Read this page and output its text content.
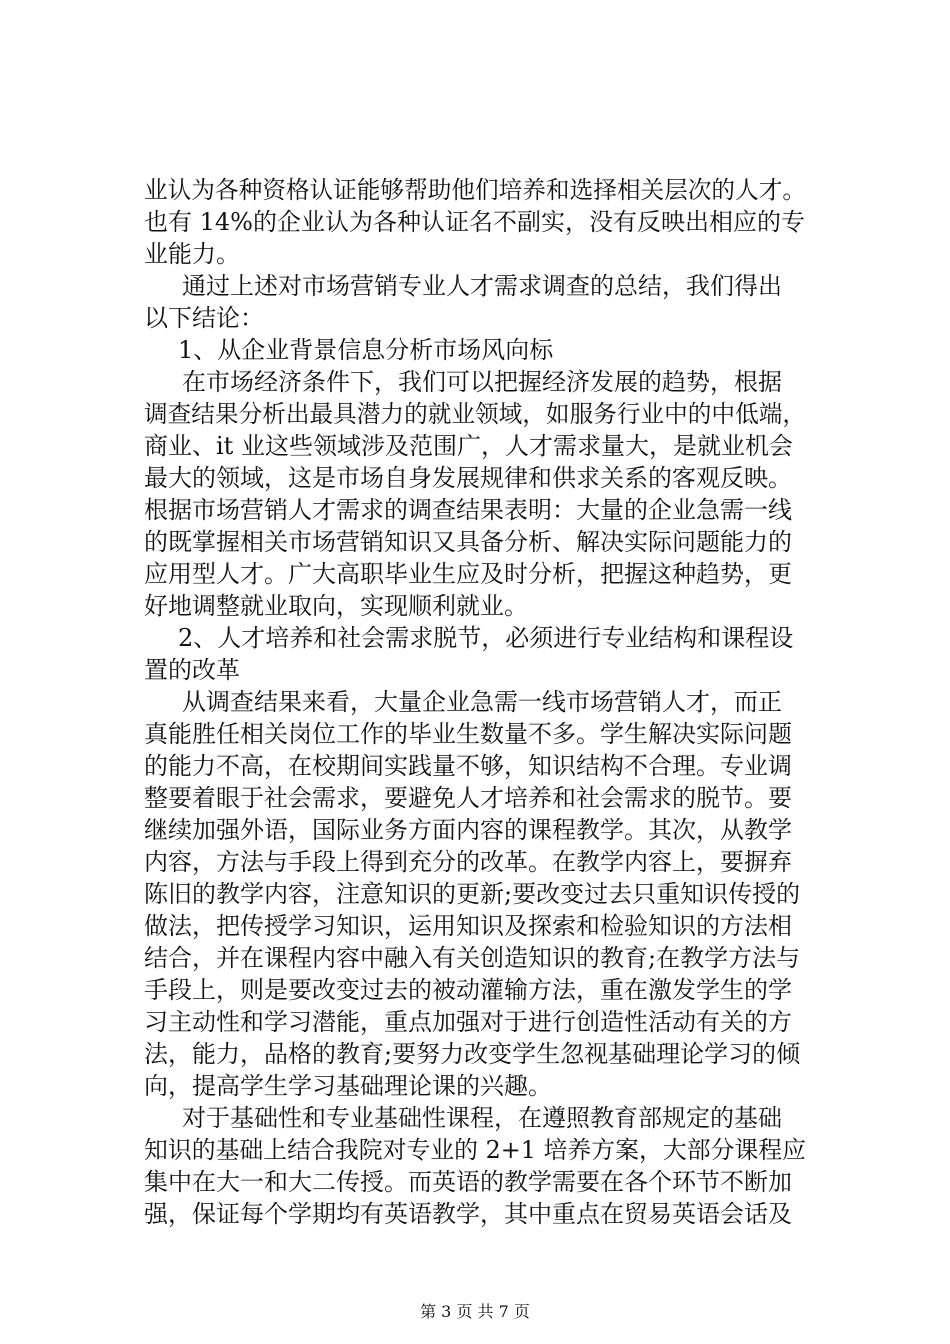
业认为各种资格认证能够帮助他们培养和选择相关层次的人才。
也有 14%的企业认为各种认证名不副实，没有反映出相应的专
业能力。
通过上述对市场营销专业人才需求调查的总结，我们得出
以下结论：
1、从企业背景信息分析市场风向标
在市场经济条件下，我们可以把握经济发展的趋势，根据
调查结果分析出最具潜力的就业领域，如服务行业中的中低端，
商业、it 业这些领域涉及范围广，人才需求量大，是就业机会
最大的领域，这是市场自身发展规律和供求关系的客观反映。
根据市场营销人才需求的调查结果表明：大量的企业急需一线
的既掌握相关市场营销知识又具备分析、解决实际问题能力的
应用型人才。广大高职毕业生应及时分析，把握这种趋势，更
好地调整就业取向，实现顺利就业。
2、人才培养和社会需求脱节，必须进行专业结构和课程设
置的改革
从调查结果来看，大量企业急需一线市场营销人才，而正
真能胜任相关岗位工作的毕业生数量不多。学生解决实际问题
的能力不高，在校期间实践量不够，知识结构不合理。专业调
整要着眼于社会需求，要避免人才培养和社会需求的脱节。要
继续加强外语，国际业务方面内容的课程教学。其次，从教学
内容，方法与手段上得到充分的改革。在教学内容上，要摒弃
陈旧的教学内容，注意知识的更新;要改变过去只重知识传授的
做法，把传授学习知识，运用知识及探索和检验知识的方法相
结合，并在课程内容中融入有关创造知识的教育;在教学方法与
手段上，则是要改变过去的被动灌输方法，重在激发学生的学
习主动性和学习潜能，重点加强对于进行创造性活动有关的方
法，能力，品格的教育;要努力改变学生忽视基础理论学习的倾
向，提高学生学习基础理论课的兴趣。
对于基础性和专业基础性课程，在遵照教育部规定的基础
知识的基础上结合我院对专业的 2+1 培养方案，大部分课程应
集中在大一和大二传授。而英语的教学需要在各个环节不断加
强，保证每个学期均有英语教学，其中重点在贸易英语会话及
第 3 页 共 7 页
